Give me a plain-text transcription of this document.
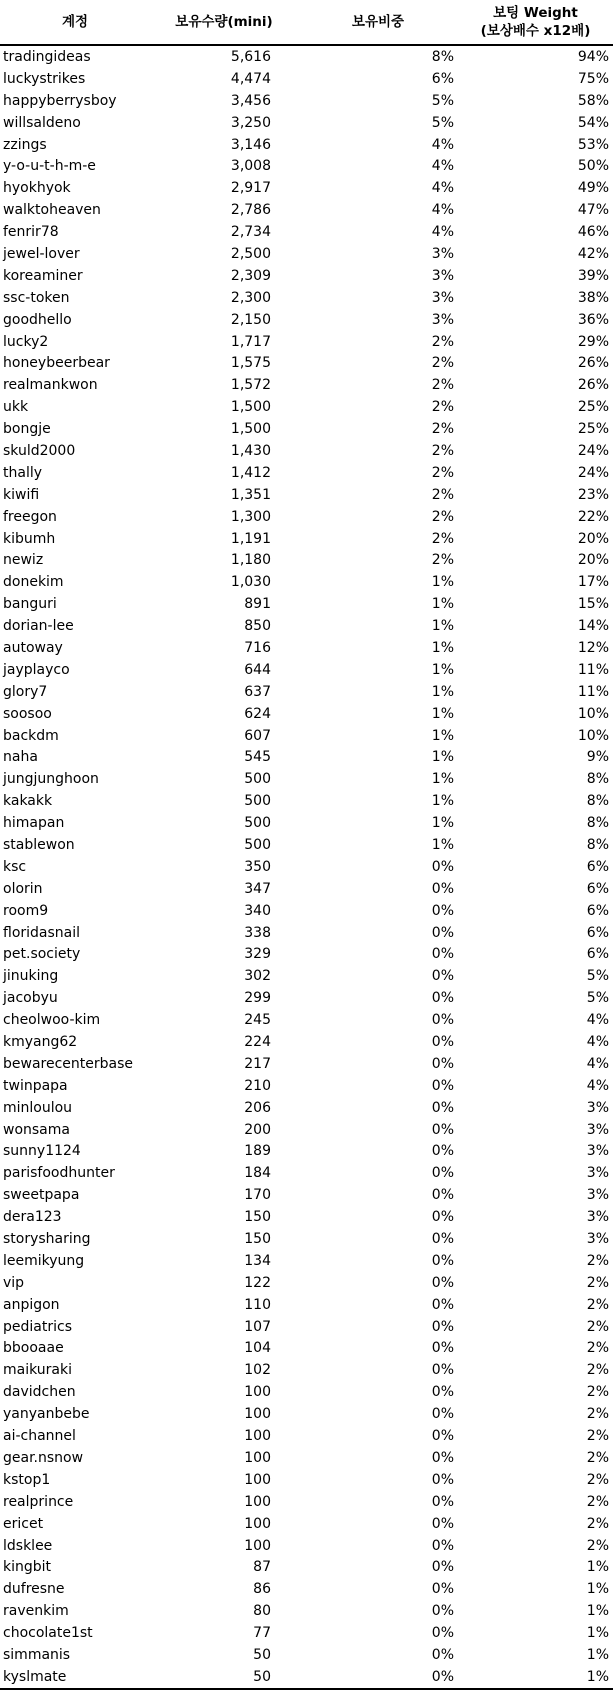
계정	보유수량(mini)	보유비중	보팅 Weight
			(보상배수 x12배)
tradingideas	5,616	8%	94%
luckystrikes	4,474	6%	75%
happyberrysboy	3,456	5%	58%
willsaldeno	3,250	5%	54%
zzings	3,146	4%	53%
y-o-u-t-h-m-e	3,008	4%	50%
hyokhyok	2,917	4%	49%
walktoheaven	2,786	4%	47%
fenrir78	2,734	4%	46%
jewel-lover	2,500	3%	42%
koreaminer	2,309	3%	39%
ssc-token	2,300	3%	38%
goodhello	2,150	3%	36%
lucky2	1,717	2%	29%
honeybeerbear	1,575	2%	26%
realmankwon	1,572	2%	26%
ukk	1,500	2%	25%
bongje	1,500	2%	25%
skuld2000	1,430	2%	24%
thally	1,412	2%	24%
kiwifi	1,351	2%	23%
freegon	1,300	2%	22%
kibumh	1,191	2%	20%
newiz	1,180	2%	20%
donekim	1,030	1%	17%
banguri	891	1%	15%
dorian-lee	850	1%	14%
autoway	716	1%	12%
jayplayco	644	1%	11%
glory7	637	1%	11%
soosoo	624	1%	10%
backdm	607	1%	10%
naha	545	1%	9%
jungjunghoon	500	1%	8%
kakakk	500	1%	8%
himapan	500	1%	8%
stablewon	500	1%	8%
ksc	350	0%	6%
olorin	347	0%	6%
room9	340	0%	6%
floridasnail	338	0%	6%
pet.society	329	0%	6%
jinuking	302	0%	5%
jacobyu	299	0%	5%
cheolwoo-kim	245	0%	4%
kmyang62	224	0%	4%
bewarecenterbase	217	0%	4%
twinpapa	210	0%	4%
minloulou	206	0%	3%
wonsama	200	0%	3%
sunny1124	189	0%	3%
parisfoodhunter	184	0%	3%
sweetpapa	170	0%	3%
dera123	150	0%	3%
storysharing	150	0%	3%
leemikyung	134	0%	2%
vip	122	0%	2%
anpigon	110	0%	2%
pediatrics	107	0%	2%
bbooaae	104	0%	2%
maikuraki	102	0%	2%
davidchen	100	0%	2%
yanyanbebe	100	0%	2%
ai-channel	100	0%	2%
gear.nsnow	100	0%	2%
kstop1	100	0%	2%
realprince	100	0%	2%
ericet	100	0%	2%
ldsklee	100	0%	2%
kingbit	87	0%	1%
dufresne	86	0%	1%
ravenkim	80	0%	1%
chocolate1st	77	0%	1%
simmanis	50	0%	1%
kyslmate	50	0%	1%
